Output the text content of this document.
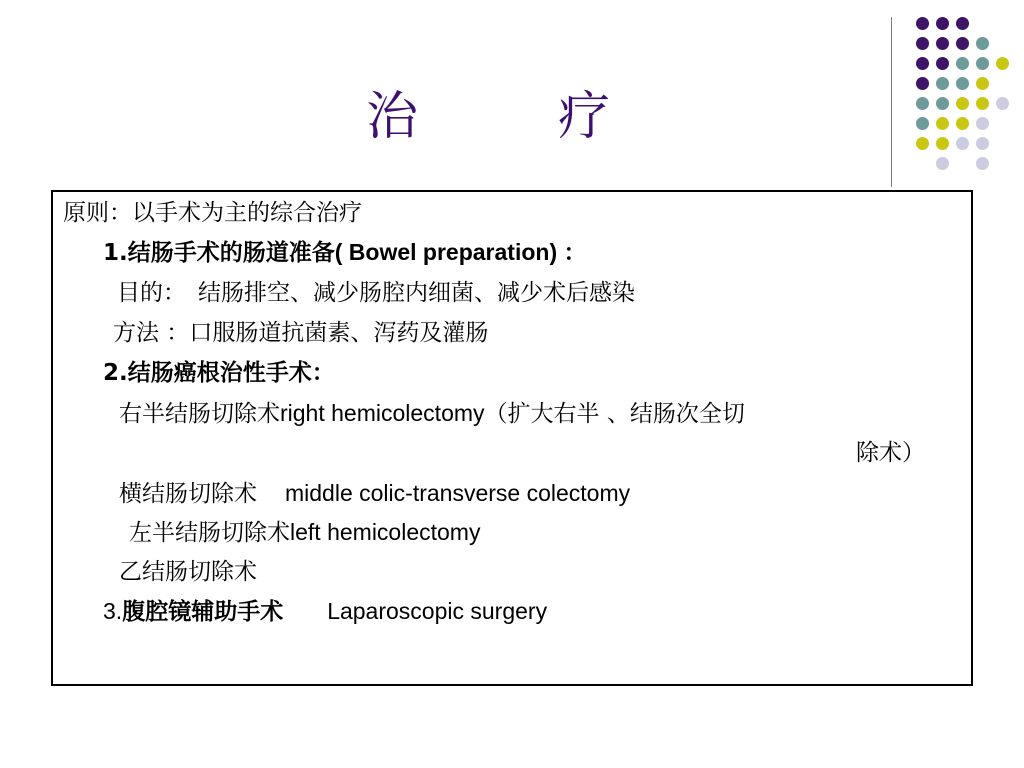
治　疗
原则：以手术为主的综合治疗
1.结肠手术的肠道准备( Bowel preparation) ：
目的： 结肠排空、减少肠腔内细菌、减少术后感染
方法 ：口服肠道抗菌素、泻药及灌肠
2.结肠癌根治性手术：
右半结肠切除术right hemicolectomy（扩大右半 、结肠次全切
除术）
横结肠切除术 middle colic-transverse colectomy
左半结肠切除术left hemicolectomy
乙结肠切除术
3.腹腔镜辅助手术 Laparoscopic surgery
